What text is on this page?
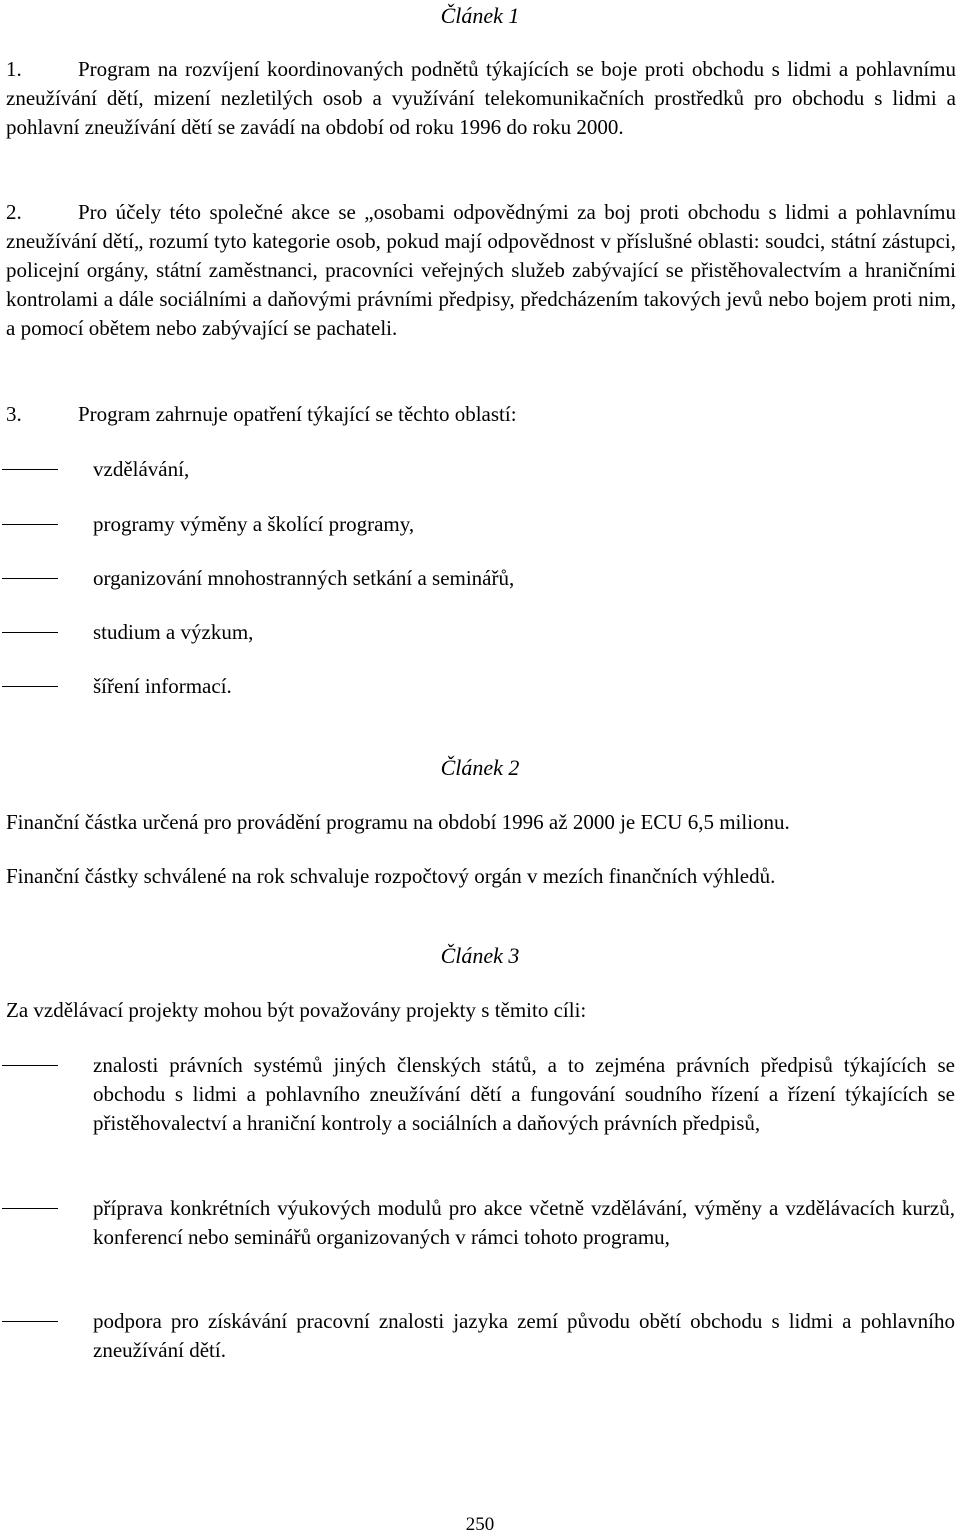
Článek 1
1.	Program na rozvíjení koordinovaných podnětů týkajících se boje proti obchodu s lidmi a pohlavnímu zneužívání dětí, mizení nezletilých osob a využívání telekomunikačních prostředků pro obchodu s lidmi a pohlavní zneužívání dětí se zavádí na období od roku 1996 do roku 2000.
2.	Pro účely této společné akce se „osobami odpovědnými za boj proti obchodu s lidmi a pohlavnímu zneužívání dětí„ rozumí tyto kategorie osob, pokud mají odpovědnost v příslušné oblasti: soudci, státní zástupci, policejní orgány, státní zaměstnanci, pracovníci veřejných služeb zabývající se přistěhovalectvím a hraničními kontrolami a dále sociálními a daňovými právními předpisy, předcházením takových jevů nebo bojem proti nim, a pomocí obětem nebo zabývající se pachateli.
3.	Program zahrnuje opatření týkající se těchto oblastí:
vzdělávání,
programy výměny a školící programy,
organizování mnohostranných setkání a seminářů,
studium a výzkum,
šíření informací.
Článek 2
Finanční částka určená pro provádění programu na období 1996 až 2000 je ECU 6,5 milionu.
Finanční částky schválené na rok schvaluje rozpočtový orgán v mezích finančních výhledů.
Článek 3
Za vzdělávací projekty mohou být považovány projekty s těmito cíli:
znalosti právních systémů jiných členských států, a to zejména právních předpisů týkajících se obchodu s lidmi a pohlavního zneužívání dětí a fungování soudního řízení a řízení týkajících se přistěhovalectví a hraniční kontroly a sociálních a daňových právních předpisů,
příprava konkrétních výukových modulů pro akce včetně vzdělávání, výměny a vzdělávacích kurzů, konferencí nebo seminářů organizovaných v rámci tohoto programu,
podpora pro získávání pracovní znalosti jazyka zemí původu obětí obchodu s lidmi a pohlavního zneužívání dětí.
250
